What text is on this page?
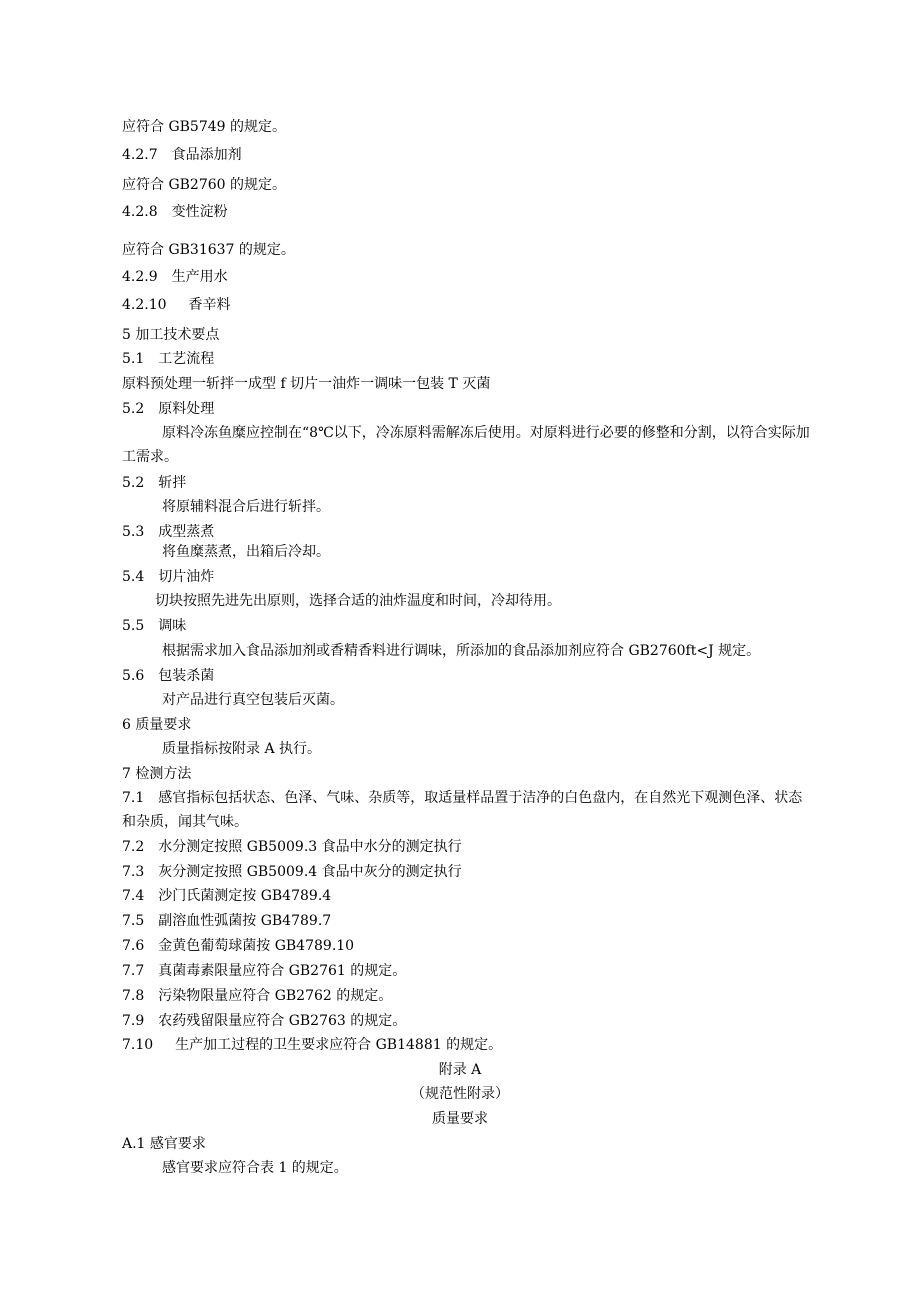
应符合 GB5749 的规定。
4.2.7 食品添加剂
应符合 GB2760 的规定。
4.2.8 变性淀粉
应符合 GB31637 的规定。
4.2.9 生产用水
4.2.10 香辛料
5 加工技术要点
5.1 工艺流程
原料预处理一斩拌一成型 f 切片一油炸一调味一包装 T 灭菌
5.2 原料处理
原料冷冻鱼糜应控制在“8℃以下，冷冻原料需解冻后使用。对原料进行必要的修整和分割，以符合实际加工需求。
5.2 斩拌
将原辅料混合后进行斩拌。
5.3 成型蒸煮
将鱼糜蒸煮，出箱后冷却。
5.4 切片油炸
切块按照先进先出原则，选择合适的油炸温度和时间，冷却待用。
5.5 调味
根据需求加入食品添加剂或香精香料进行调味，所添加的食品添加剂应符合 GB2760ft<J 规定。
5.6 包装杀菌
对产品进行真空包装后灭菌。
6 质量要求
质量指标按附录 A 执行。
7 检测方法
7.1 感官指标包括状态、色泽、气味、杂质等，取适量样品置于洁净的白色盘内，在自然光下观测色泽、状态和杂质，闻其气味。
7.2 水分测定按照 GB5009.3 食品中水分的测定执行
7.3 灰分测定按照 GB5009.4 食品中灰分的测定执行
7.4 沙门氏菌测定按 GB4789.4
7.5 副溶血性弧菌按 GB4789.7
7.6 金黄色葡萄球菌按 GB4789.10
7.7 真菌毒素限量应符合 GB2761 的规定。
7.8 污染物限量应符合 GB2762 的规定。
7.9 农药残留限量应符合 GB2763 的规定。
7.10 生产加工过程的卫生要求应符合 GB14881 的规定。
附录 A
（规范性附录）
质量要求
A.1 感官要求
感官要求应符合表 1 的规定。
